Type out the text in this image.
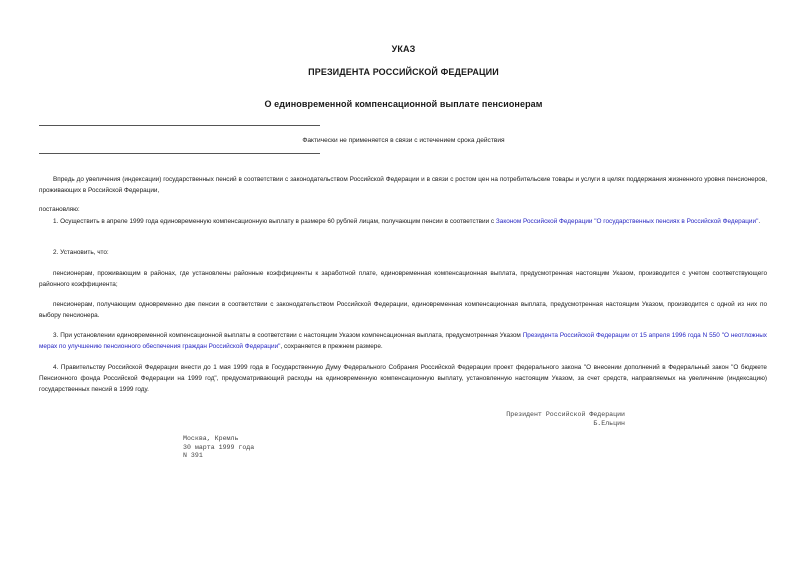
УКАЗ
ПРЕЗИДЕНТА РОССИЙСКОЙ ФЕДЕРАЦИИ
О единовременной компенсационной выплате пенсионерам
Фактически не применяется в связи с истечением срока действия
Впредь до увеличения (индексации) государственных пенсий в соответствии с законодательством Российской Федерации и в связи с ростом цен на потребительские товары и услуги в целях поддержания жизненного уровня пенсионеров, проживающих в Российской Федерации,
постановляю:
1. Осуществить в апреле 1999 года единовременную компенсационную выплату в размере 60 рублей лицам, получающим пенсии в соответствии с Законом Российской Федерации "О государственных пенсиях в Российской Федерации".
2. Установить, что:
пенсионерам, проживающим в районах, где установлены районные коэффициенты к заработной плате, единовременная компенсационная выплата, предусмотренная настоящим Указом, производится с учетом соответствующего районного коэффициента;
пенсионерам, получающим одновременно две пенсии в соответствии с законодательством Российской Федерации, единовременная компенсационная выплата, предусмотренная настоящим Указом, производится с одной из них по выбору пенсионера.
3. При установлении единовременной компенсационной выплаты в соответствии с настоящим Указом компенсационная выплата, предусмотренная Указом Президента Российской Федерации от 15 апреля 1996 года N 550 "О неотложных мерах по улучшению пенсионного обеспечения граждан Российской Федерации", сохраняется в прежнем размере.
4. Правительству Российской Федерации внести до 1 мая 1999 года в Государственную Думу Федерального Собрания Российской Федерации проект федерального закона "О внесении дополнений в Федеральный закон "О бюджете Пенсионного фонда Российской Федерации на 1999 год", предусматривающий расходы на единовременную компенсационную выплату, установленную настоящим Указом, за счет средств, направляемых на увеличение (индексацию) государственных пенсий в 1999 году.
Президент Российской Федерации
Б.Ельцин
Москва, Кремль
30 марта 1999 года
N 391
